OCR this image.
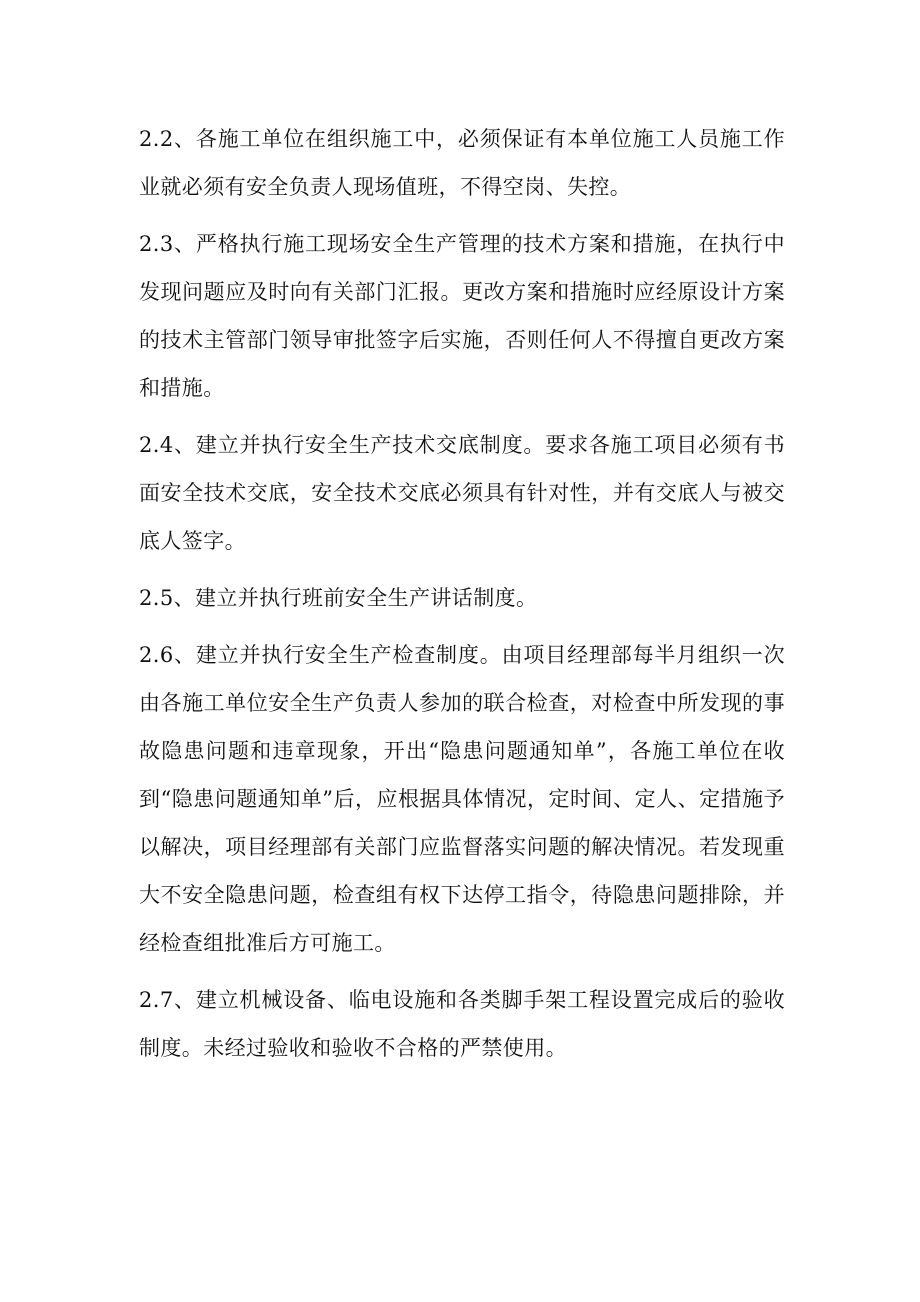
2.2、各施工单位在组织施工中，必须保证有本单位施工人员施工作业就必须有安全负责人现场值班，不得空岗、失控。

2.3、严格执行施工现场安全生产管理的技术方案和措施，在执行中发现问题应及时向有关部门汇报。更改方案和措施时应经原设计方案的技术主管部门领导审批签字后实施，否则任何人不得擅自更改方案和措施。

2.4、建立并执行安全生产技术交底制度。要求各施工项目必须有书面安全技术交底，安全技术交底必须具有针对性，并有交底人与被交底人签字。

2.5、建立并执行班前安全生产讲话制度。

2.6、建立并执行安全生产检查制度。由项目经理部每半月组织一次由各施工单位安全生产负责人参加的联合检查，对检查中所发现的事故隐患问题和违章现象，开出“隐患问题通知单”，各施工单位在收到“隐患问题通知单”后，应根据具体情况，定时间、定人、定措施予以解决，项目经理部有关部门应监督落实问题的解决情况。若发现重大不安全隐患问题，检查组有权下达停工指令，待隐患问题排除，并经检查组批准后方可施工。

2.7、建立机械设备、临电设施和各类脚手架工程设置完成后的验收制度。未经过验收和验收不合格的严禁使用。
